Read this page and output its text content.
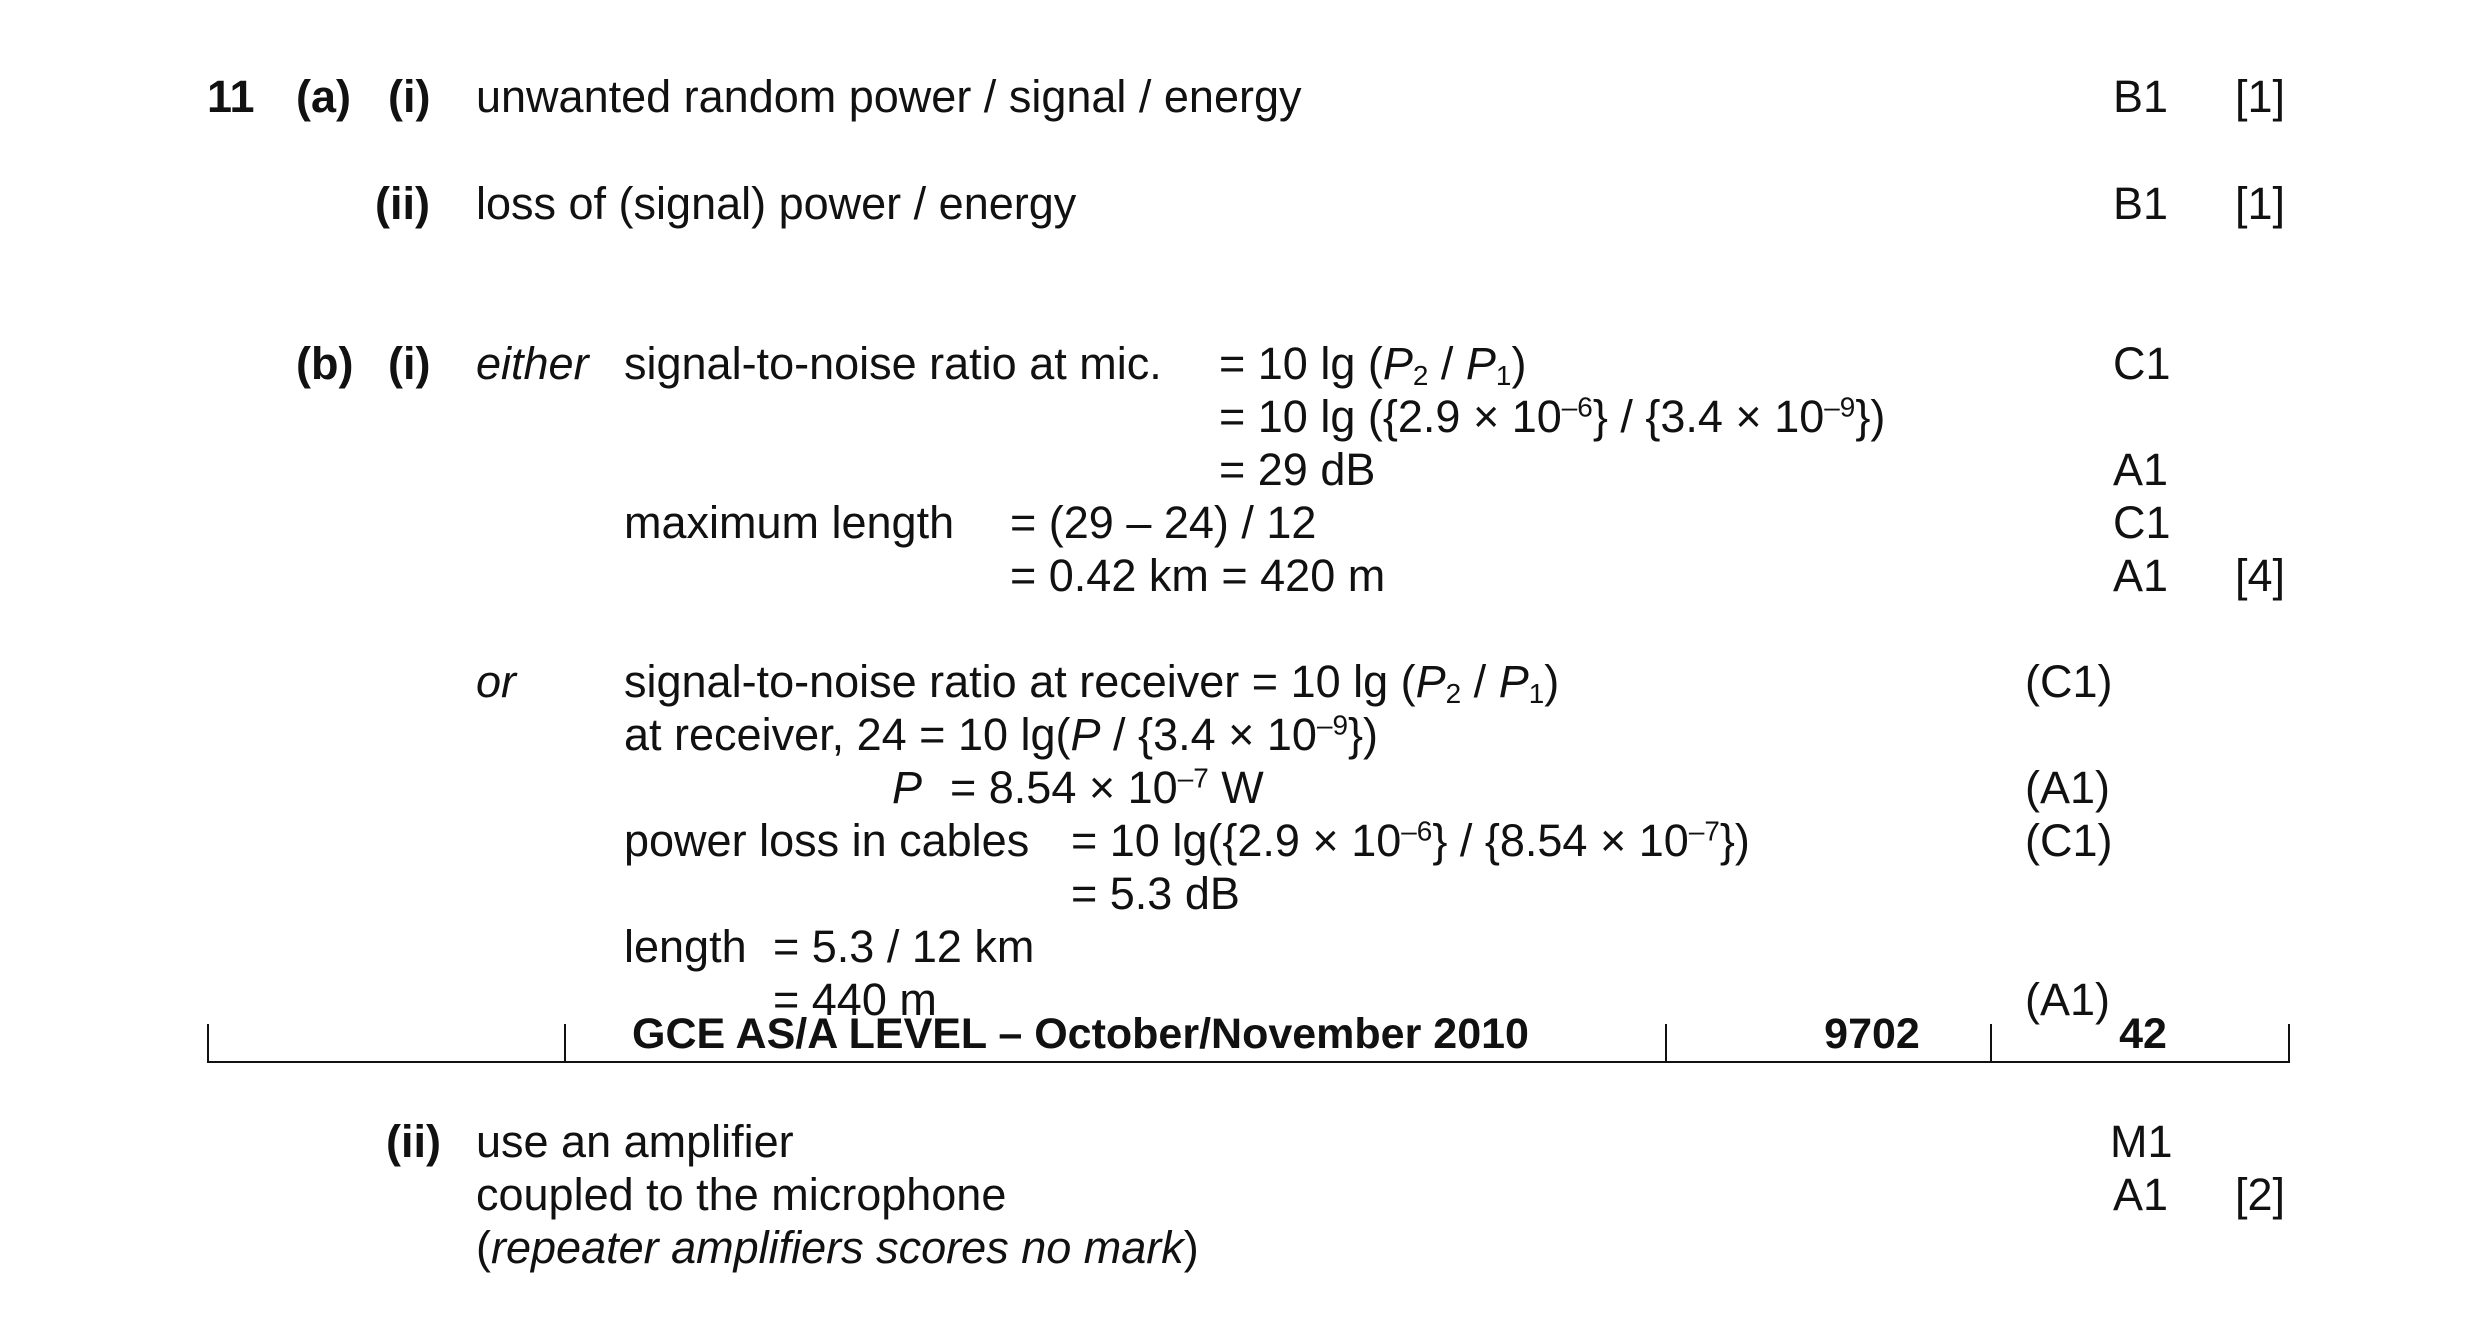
11 (a) (i) unwanted random power / signal / energy	B1 [1]
(ii) loss of (signal) power / energy	B1 [1]
(b) (i) either signal-to-noise ratio at mic. = 10 $\lg (P_2 / P_1)$	C1
= 10 $\lg (\{2.9 \times 10^{-6}\} / \{3.4 \times 10^{-9}\})$
= 29 dB	A1
maximum length = (29 – 24) / 12	C1
= 0.42 km = 420 m	A1 [4]
or signal-to-noise ratio at receiver = 10 $\lg (P_2 / P_1)$	(C1)
at receiver, 24 = 10 $\lg(P / \{3.4 \times 10^{-9}\})$
$P = 8.54 \times 10^{-7}$ W	(A1)
power loss in cables = 10 $\lg(\{2.9 \times 10^{-6}\} / \{8.54 \times 10^{-7}\})$	(C1)
= 5.3 dB
length = 5.3 / 12 km
= 440 m	(A1)
GCE AS/A LEVEL – October/November 2010	9702	42
(ii) use an amplifier	M1
coupled to the microphone	A1 [2]
(repeater amplifiers scores no mark)
